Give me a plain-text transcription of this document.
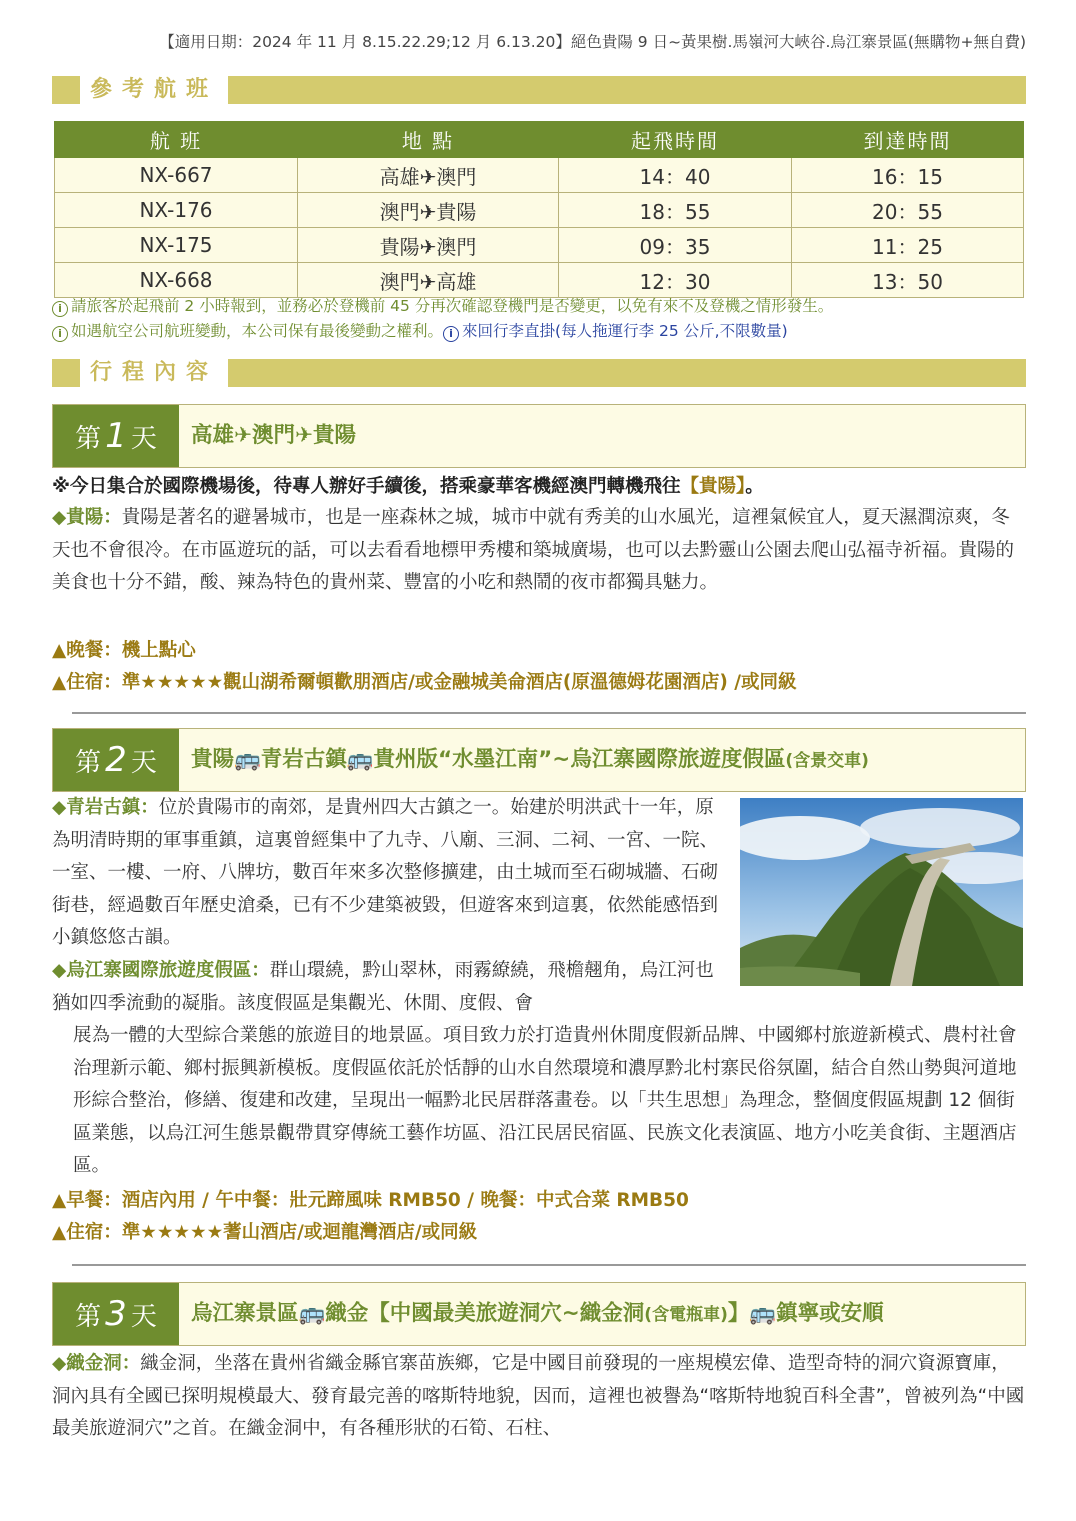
【適用日期：2024 年 11 月 8.15.22.29;12 月 6.13.20】絕色貴陽 9 日~黃果樹.馬嶺河大峽谷.烏江寨景區(無購物+無自費)
參考航班
航 班	地 點	起飛時間	到達時間
NX-667	高雄✈澳門	14：40	16：15
NX-176	澳門✈貴陽	18：55	20：55
NX-175	貴陽✈澳門	09：35	11：25
NX-668	澳門✈高雄	12：30	13：50
i 請旅客於起飛前 2 小時報到，並務必於登機前 45 分再次確認登機門是否變更，以免有來不及登機之情形發生。
i 如遇航空公司航班變動，本公司保有最後變動之權利。 i 來回行李直掛(每人拖運行李 25 公斤,不限數量)
行程內容
第 1 天	高雄✈澳門✈貴陽
※今日集合於國際機場後，待專人辦好手續後，搭乘豪華客機經澳門轉機飛往【貴陽】。
◆貴陽：貴陽是著名的避暑城市，也是一座森林之城，城市中就有秀美的山水風光，這裡氣候宜人，夏天濕潤涼爽，冬天也不會很冷。在市區遊玩的話，可以去看看地標甲秀樓和築城廣場，也可以去黔靈山公園去爬山弘福寺祈福。貴陽的美食也十分不錯，酸、辣為特色的貴州菜、豐富的小吃和熱鬧的夜市都獨具魅力。
▲晚餐：機上點心
▲住宿：準★★★★★觀山湖希爾頓歡朋酒店/或金融城美侖酒店(原溫德姆花園酒店) /或同級
第 2 天	貴陽🚌青岩古鎮🚌貴州版“水墨江南”~烏江寨國際旅遊度假區(含景交車)
◆青岩古鎮：位於貴陽市的南郊，是貴州四大古鎮之一。始建於明洪武十一年，原為明清時期的軍事重鎮，這裏曾經集中了九寺、八廟、三洞、二祠、一宮、一院、一室、一樓、一府、八牌坊，數百年來多次整修擴建，由土城而至石砌城牆、石砌街巷，經過數百年歷史滄桑，已有不少建築被毀，但遊客來到這裏，依然能感悟到小鎮悠悠古韻。
◆烏江寨國際旅遊度假區：群山環繞，黔山翠林，雨霧繚繞，飛檐翹角，烏江河也猶如四季流動的凝脂。該度假區是集觀光、休閒、度假、會
展為一體的大型綜合業態的旅遊目的地景區。項目致力於打造貴州休閒度假新品牌、中國鄉村旅遊新模式、農村社會治理新示範、鄉村振興新模板。度假區依託於恬靜的山水自然環境和濃厚黔北村寨民俗氛圍，結合自然山勢與河道地形綜合整治，修繕、復建和改建，呈現出一幅黔北民居群落畫卷。以「共生思想」為理念，整個度假區規劃 12 個街區業態，以烏江河生態景觀帶貫穿傳統工藝作坊區、沿江民居民宿區、民族文化表演區、地方小吃美食街、主題酒店區。
▲早餐：酒店內用 / 午中餐：壯元蹄風味 RMB50 / 晚餐：中式合菜 RMB50
▲住宿：準★★★★★蓍山酒店/或迴龍灣酒店/或同級
第 3 天	烏江寨景區🚌織金【中國最美旅遊洞穴~織金洞(含電瓶車)】🚌鎮寧或安順
◆織金洞：織金洞，坐落在貴州省織金縣官寨苗族鄉，它是中國目前發現的一座規模宏偉、造型奇特的洞穴資源寶庫，洞內具有全國已探明規模最大、發育最完善的喀斯特地貌，因而，這裡也被譽為“喀斯特地貌百科全書”，曾被列為“中國最美旅遊洞穴”之首。在織金洞中，有各種形狀的石筍、石柱、
